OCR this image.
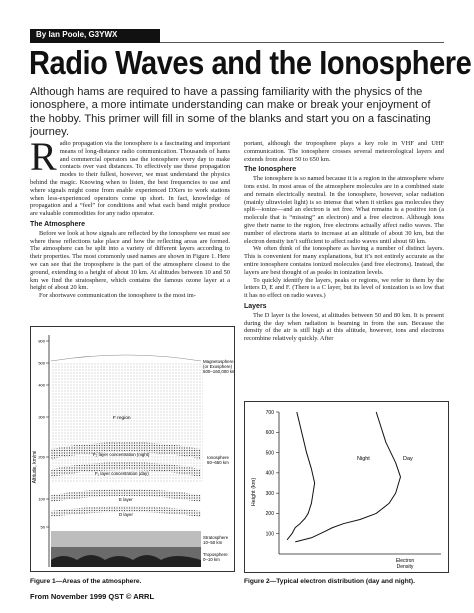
By Ian Poole, G3YWX
Radio Waves and the Ionosphere
Although hams are required to have a passing familiarity with the physics of the ionosphere, a more intimate understanding can make or break your enjoyment of the hobby. This primer will fill in some of the blanks and start you on a fascinating journey.

Radio propagation via the ionosphere is a fascinating and important means of long-distance radio communication. Thousands of hams and commercial operators use the ionosphere every day to make contacts over vast distances. To effectively use these propagation modes to their fullest, however, we must understand the physics behind the magic. Knowing when to listen, the best frequencies to use and where signals might come from enable experienced DXers to work stations when less-experienced operators come up short. In fact, knowledge of propagation and a “feel” for conditions and what each band might produce are valuable commodities for any radio operator.

The Atmosphere

Before we look at how signals are reflected by the ionosphere we must see where these reflections take place and how the reflecting areas are formed. The atmosphere can be split into a variety of different layers according to their properties. The most commonly used names are shown in Figure 1. Here we can see that the troposphere is the part of the atmosphere closest to the ground, extending to a height of about 10 km. At altitudes between 10 and 50 km we find the stratosphere, which contains the famous ozone layer at a height of about 20 km.

For shortwave communication the ionosphere is the most im-

portant, although the troposphere plays a key role in VHF and UHF communication. The ionosphere crosses several meteorological layers and extends from about 50 to 650 km.

The Ionosphere

The ionosphere is so named because it is a region in the atmosphere where ions exist. In most areas of the atmosphere molecules are in a combined state and remain electrically neutral. In the ionosphere, however, solar radiation (mainly ultraviolet light) is so intense that when it strikes gas molecules they split—ionize—and an electron is set free. What remains is a positive ion (a molecule that is “missing” an electron) and a free electron. Although ions give their name to the region, free electrons actually affect radio waves. The number of electrons starts to increase at an altitude of about 30 km, but the electron density isn’t sufficient to affect radio waves until about 60 km.

We often think of the ionosphere as having a number of distinct layers. This is convenient for many explanations, but it’s not entirely accurate as the entire ionosphere contains ionized molecules (and free electrons). Instead, the layers are best thought of as peaks in ionization levels.

To quickly identify the layers, peaks or regions, we refer to them by the letters D, E and F. (There is a C layer, but its level of ionization is so low that it has no effect on radio waves.)

Layers

The D layer is the lowest, at altitudes between 50 and 80 km. It is present during the day when radiation is beaming in from the sun. Because the density of the air is still high at this altitude, however, ions and electrons recombine relatively quickly. After

800
500
400
300
200
100
50
Altitude, km/mi
Magnetosphere
(or Exosphere)
500–160,000 km
F region
Ionosphere
50–650 km
F₂ layer concentration (night)
F₁ layer concentration (day)
E layer
D layer
Stratosphere
10–50 km
Troposphere
0–10 km
100
200
300
400
500
600
700
Height (km)
Electron
Density
Night	Day
Figure 1—Areas of the atmosphere.	Figure 2—Typical electron distribution (day and night).
From November 1999 QST © ARRL
